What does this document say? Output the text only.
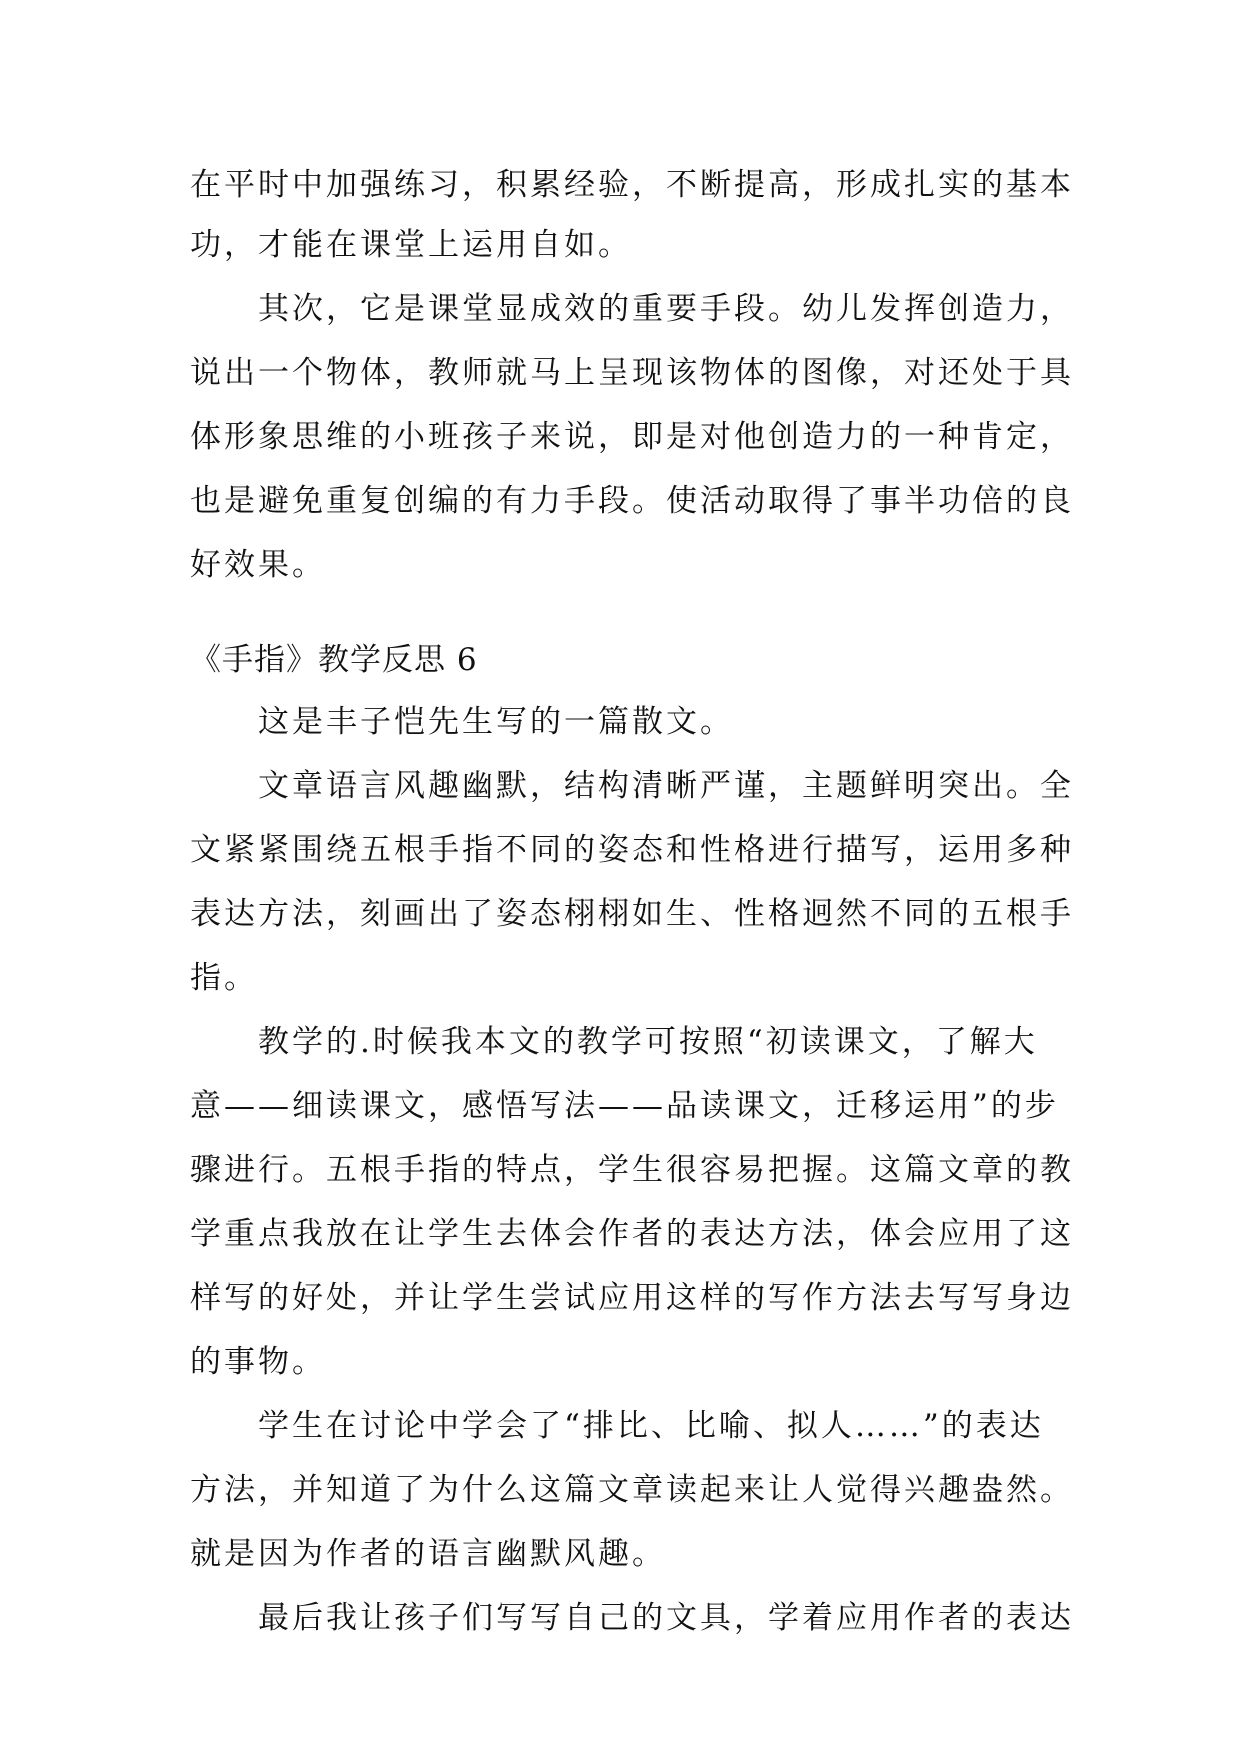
在平时中加强练习，积累经验，不断提高，形成扎实的基本
功，才能在课堂上运用自如。
其次，它是课堂显成效的重要手段。幼儿发挥创造力，
说出一个物体，教师就马上呈现该物体的图像，对还处于具
体形象思维的小班孩子来说，即是对他创造力的一种肯定，
也是避免重复创编的有力手段。使活动取得了事半功倍的良
好效果。
《手指》教学反思 6
这是丰子恺先生写的一篇散文。
文章语言风趣幽默，结构清晰严谨，主题鲜明突出。全
文紧紧围绕五根手指不同的姿态和性格进行描写，运用多种
表达方法，刻画出了姿态栩栩如生、性格迥然不同的五根手
指。
教学的.时候我本文的教学可按照“初读课文，了解大
意——细读课文，感悟写法——品读课文，迁移运用”的步
骤进行。五根手指的特点，学生很容易把握。这篇文章的教
学重点我放在让学生去体会作者的表达方法，体会应用了这
样写的好处，并让学生尝试应用这样的写作方法去写写身边
的事物。
学生在讨论中学会了“排比、比喻、拟人……”的表达
方法，并知道了为什么这篇文章读起来让人觉得兴趣盎然。
就是因为作者的语言幽默风趣。
最后我让孩子们写写自己的文具，学着应用作者的表达
